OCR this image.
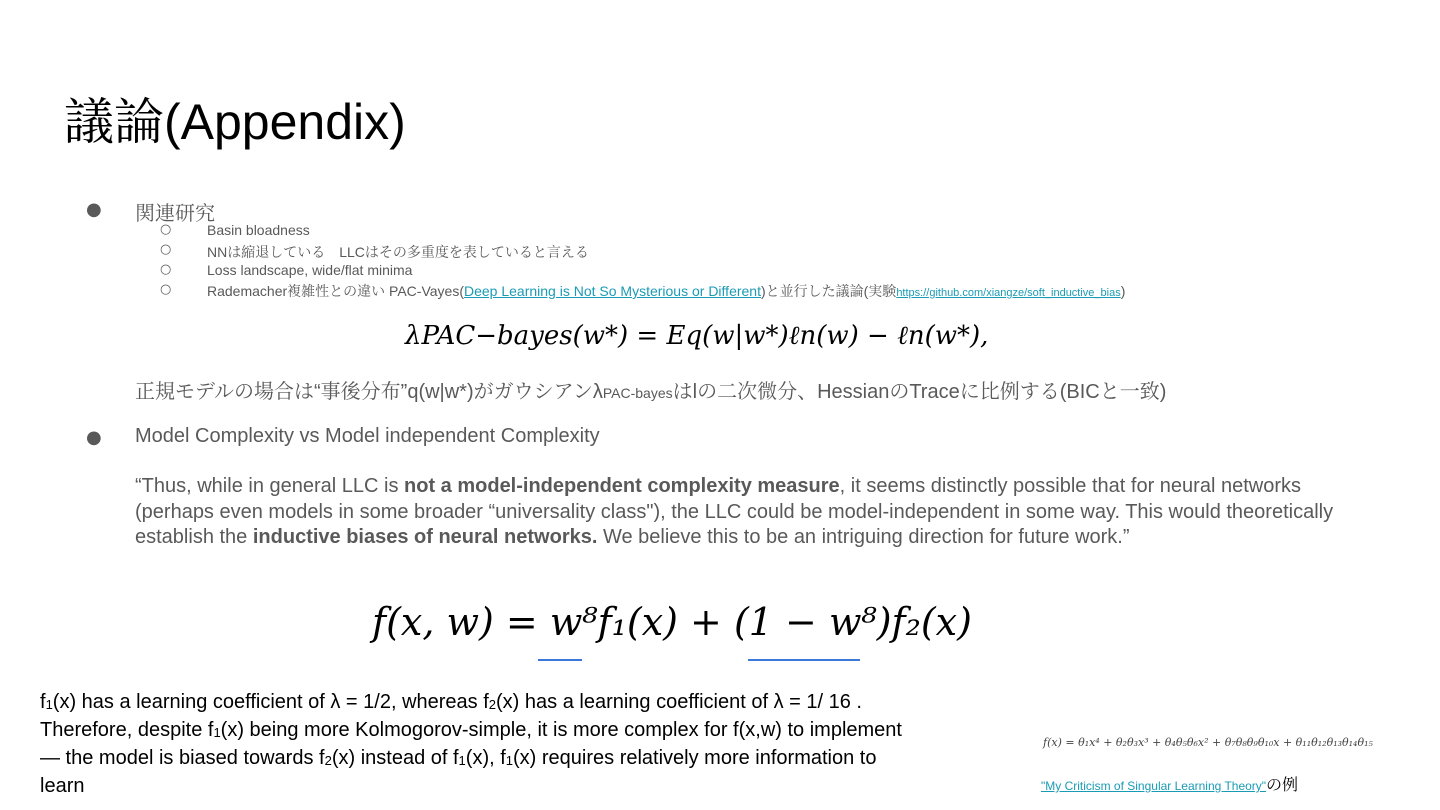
議論(Appendix)
● 関連研究
○	Basin bloadness
○	NNは縮退している　LLCはその多重度を表していると言える
○	Loss landscape, wide/flat minima
○	Rademacher複雑性との違い PAC-Vayes(Deep Learning is Not So Mysterious or Different)と並行した議論(実験https://github.com/xiangze/soft_inductive_bias)
λPAC−bayes(w*) = Eq(w|w*)ℓn(w) − ℓn(w*),
正規モデルの場合は“事後分布”q(w|w*)がガウシアンλPAC-bayesはlの二次微分、HessianのTraceに比例する(BICと一致)
● Model Complexity vs Model independent Complexity
“Thus, while in general LLC is not a model-independent complexity measure, it seems distinctly possible that for neural networks (perhaps even models in some broader “universality class"), the LLC could be model-independent in some way. This would theoretically establish the inductive biases of neural networks. We believe this to be an intriguing direction for future work.”
f(x, w) = w⁸f₁(x) + (1 − w⁸)f₂(x)
$f_1(x)$ has a learning coefficient of λ = 1/2, whereas $f_2(x)$ has a learning coefficient of λ = 1/ 16 .
Therefore, despite $f_1(x)$ being more Kolmogorov-simple, it is more complex for f(x,w) to implement
— the model is biased towards $f_2(x)$ instead of $f_1(x)$, $f_1(x)$ requires relatively more information to
learn
f(x) = θ₁x⁴ + θ₂θ₃x³ + θ₄θ₅θ₆x² + θ₇θ₈θ₉θ₁₀x + θ₁₁θ₁₂θ₁₃θ₁₄θ₁₅
"My Criticism of Singular Learning Theory"の例
